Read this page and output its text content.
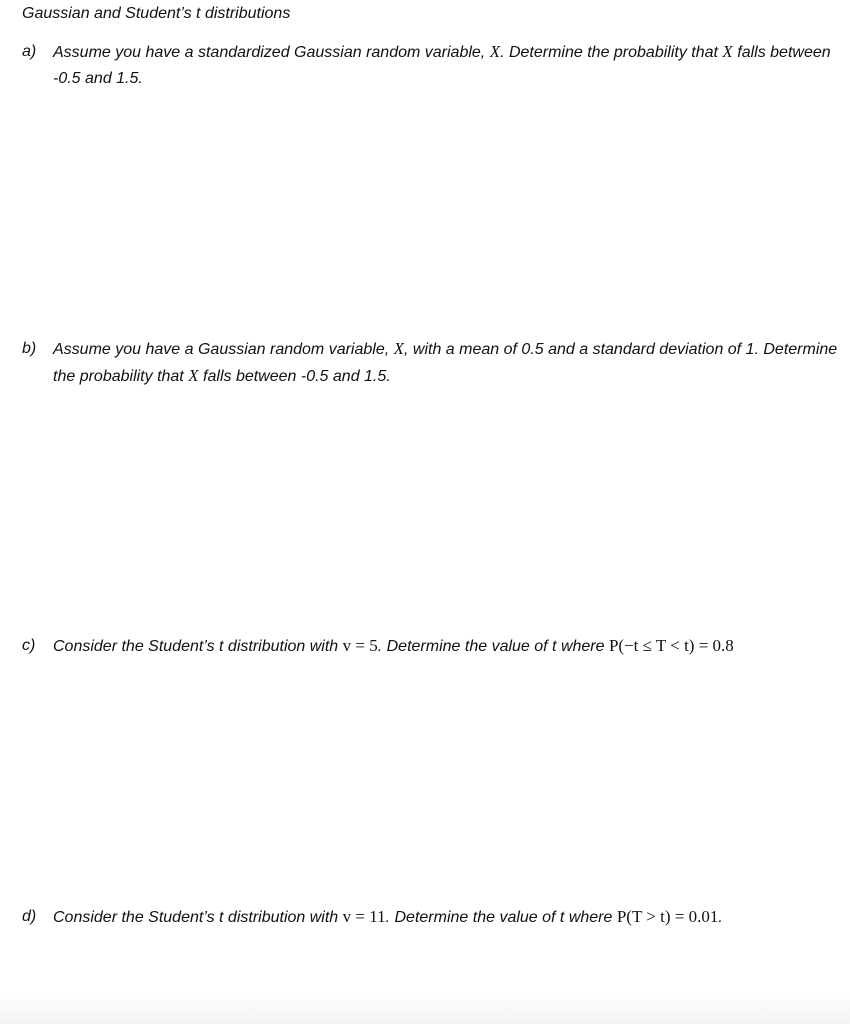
Gaussian and Student’s t distributions
a)	Assume you have a standardized Gaussian random variable, X. Determine the probability that X falls between -0.5 and 1.5.
b)	Assume you have a Gaussian random variable, X, with a mean of 0.5 and a standard deviation of 1. Determine the probability that X falls between -0.5 and 1.5.
c)	Consider the Student’s t distribution with v = 5. Determine the value of t where P(−t ≤ T < t) = 0.8
d)	Consider the Student’s t distribution with v = 11. Determine the value of t where P(T > t) = 0.01.
